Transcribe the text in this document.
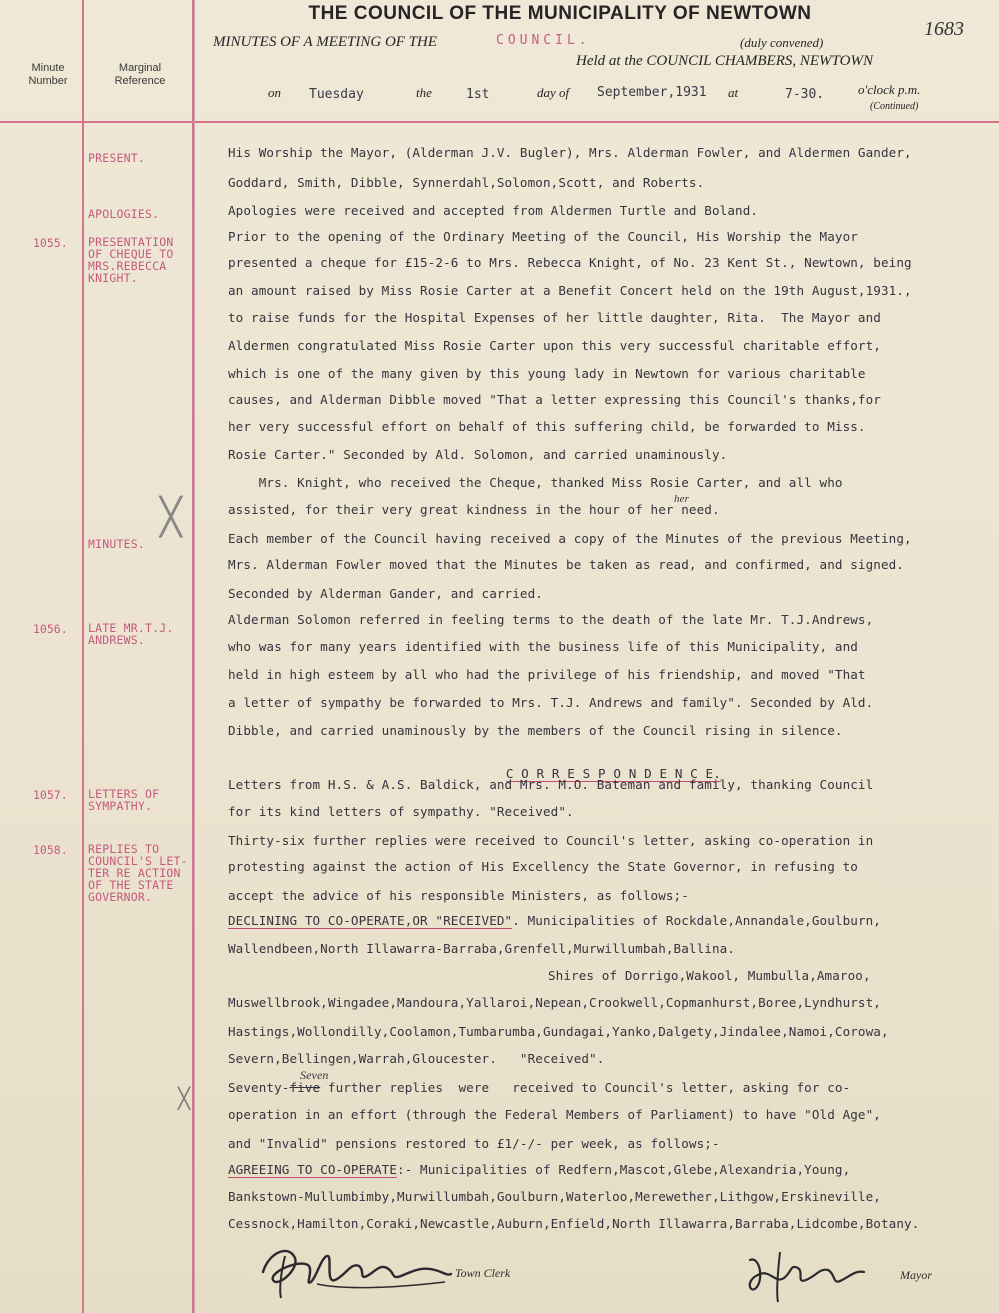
THE COUNCIL OF THE MUNICIPALITY OF NEWTOWN
1683
Minute
Number
Marginal
Reference
MINUTES OF A MEETING OF THE	COUNCIL.	(duly convened)
Held at the COUNCIL CHAMBERS, NEWTOWN
on Tuesday	the	1st	day of September,1931 at	7-30.	o'clock p.m.
(Continued)
1055.
1056.
1057.
1058.
PRESENT.
APOLOGIES.
PRESENTATION
OF CHEQUE TO
MRS.REBECCA
KNIGHT.
MINUTES.
LATE MR.T.J.
ANDREWS.
LETTERS OF
SYMPATHY.
REPLIES TO
COUNCIL'S LET-
TER RE ACTION
OF THE STATE
GOVERNOR.
His Worship the Mayor, (Alderman J.V. Bugler), Mrs. Alderman Fowler, and Aldermen Gander,
Goddard, Smith, Dibble, Synnerdahl,Solomon,Scott, and Roberts.
Apologies were received and accepted from Aldermen Turtle and Boland.
Prior to the opening of the Ordinary Meeting of the Council, His Worship the Mayor
presented a cheque for £15-2-6 to Mrs. Rebecca Knight, of No. 23 Kent St., Newtown, being
an amount raised by Miss Rosie Carter at a Benefit Concert held on the 19th August,1931.,
to raise funds for the Hospital Expenses of her little daughter, Rita.  The Mayor and
Aldermen congratulated Miss Rosie Carter upon this very successful charitable effort,
which is one of the many given by this young lady in Newtown for various charitable
causes, and Alderman Dibble moved "That a letter expressing this Council's thanks,for
her very successful effort on behalf of this suffering child, be forwarded to Miss.
Rosie Carter." Seconded by Ald. Solomon, and carried unaminously.
Mrs. Knight, who received the Cheque, thanked Miss Rosie Carter, and all who
assisted, for their very great kindness in the hour of her need.
Each member of the Council having received a copy of the Minutes of the previous Meeting,
Mrs. Alderman Fowler moved that the Minutes be taken as read, and confirmed, and signed.
Seconded by Alderman Gander, and carried.
Alderman Solomon referred in feeling terms to the death of the late Mr. T.J.Andrews,
who was for many years identified with the business life of this Municipality, and
held in high esteem by all who had the privilege of his friendship, and moved "That
a letter of sympathy be forwarded to Mrs. T.J. Andrews and family". Seconded by Ald.
Dibble, and carried unaminously by the members of the Council rising in silence.

C O R R E S P O N D E N C E.

Letters from H.S. & A.S. Baldick, and Mrs. M.O. Bateman and family, thanking Council
for its kind letters of sympathy. "Received".
Thirty-six further replies were received to Council's letter, asking co-operation in
protesting against the action of His Excellency the State Governor, in refusing to
accept the advice of his responsible Ministers, as follows;-
DECLINING TO CO-OPERATE,OR "RECEIVED". Municipalities of Rockdale,Annandale,Goulburn,
Wallendbeen,North Illawarra-Barraba,Grenfell,Murwillumbah,Ballina.
Shires of Dorrigo,Wakool, Mumbulla,Amaroo,
Muswellbrook,Wingadee,Mandoura,Yallaroi,Nepean,Crookwell,Copmanhurst,Boree,Lyndhurst,
Hastings,Wollondilly,Coolamon,Tumbarumba,Gundagai,Yanko,Dalgety,Jindalee,Namoi,Corowa,
Severn,Bellingen,Warrah,Gloucester.   "Received".
Seventy-five further replies  were   received to Council's letter, asking for co-
Seven
operation in an effort (through the Federal Members of Parliament) to have "Old Age",
and "Invalid" pensions restored to £1/-/- per week, as follows;-
AGREEING TO CO-OPERATE:- Municipalities of Redfern,Mascot,Glebe,Alexandria,Young,
Bankstown-Mullumbimby,Murwillumbah,Goulburn,Waterloo,Merewether,Lithgow,Erskineville,
Cessnock,Hamilton,Coraki,Newcastle,Auburn,Enfield,North Illawarra,Barraba,Lidcombe,Botany.
her
╳
╳
Town Clerk	Mayor
